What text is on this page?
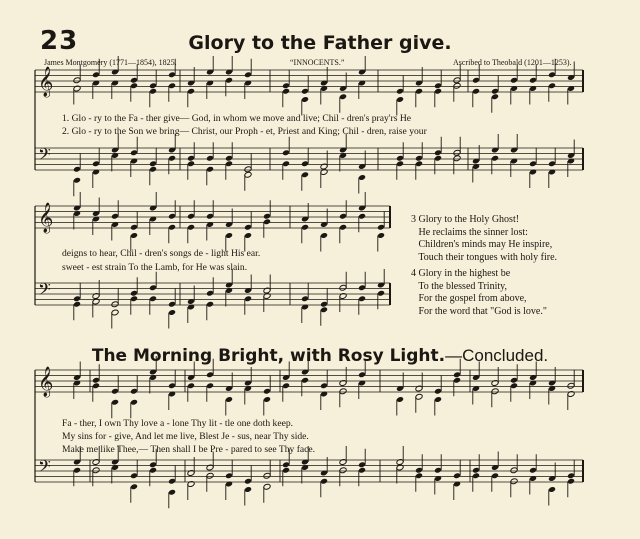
𝄞
𝄢
𝄞
𝄢
𝄞
𝄢
23	Glory to the Father give.
James Montgomery (1771—1854), 1825.	“INNOCENTS.”	Ascribed to Theobald (1201—1253).
1. Glo - ry to the Fa - ther give— God, in whom we move and live; Chil - dren's pray'rs He
2. Glo - ry to the Son we bring— Christ, our Proph - et, Priest and King; Chil - dren, raise your
deigns to hear, Chil - dren's songs de - light His ear.
sweet - est strain To the Lamb, for He was slain.
3 Glory to the Holy Ghost!
He reclaims the sinner lost:
Children's minds may He inspire,
Touch their tongues with holy fire.
4 Glory in the highest be
To the blessed Trinity,
For the gospel from above,
For the word that "God is love."
The Morning Bright, with Rosy Light.—Concluded.
Fa - ther, I own Thy love a - lone Thy lit - tle one doth keep.
My sins for - give, And let me live, Blest Je - sus, near Thy side.
Make me like Thee,— Then shall I be Pre - pared to see Thy face.
